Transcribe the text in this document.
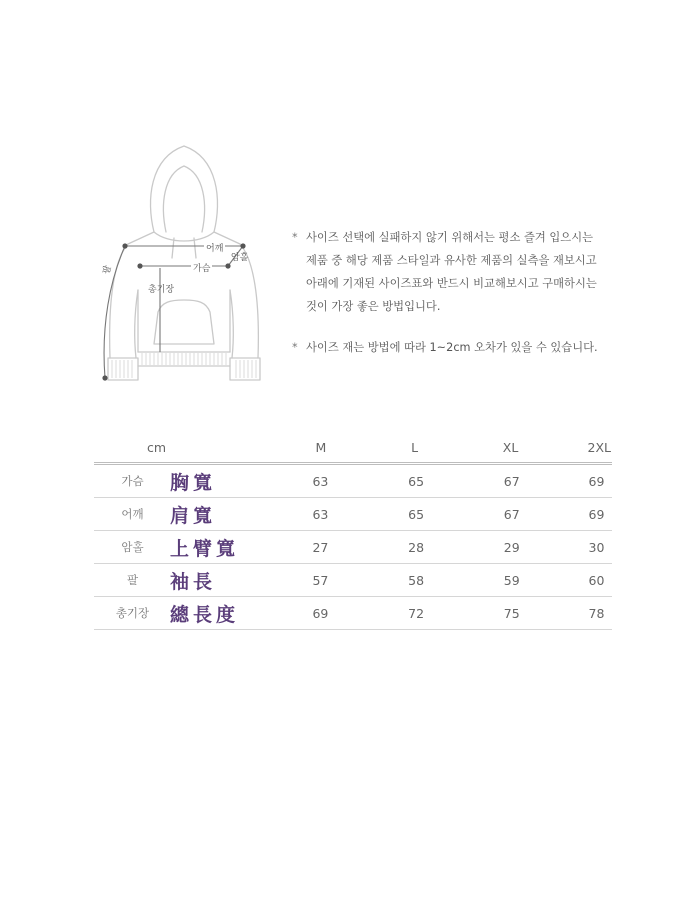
어깨
암홀
가슴
팔
총기장
* 사이즈 선택에 실패하지 않기 위해서는 평소 즐겨 입으시는
제품 중 해당 제품 스타일과 유사한 제품의 실측을 재보시고
아래에 기재된 사이즈표와 반드시 비교해보시고 구매하시는
것이 가장 좋은 방법입니다.
* 사이즈 재는 방법에 따라 1~2cm 오차가 있을 수 있습니다.
cm	M	L	XL	2XL

가슴 胸寬	63	65	67	69

어깨 肩寬	63	65	67	69

암홀 上臂寬	27	28	29	30

팔 袖長	57	58	59	60

총기장 總長度	69	72	75	78
